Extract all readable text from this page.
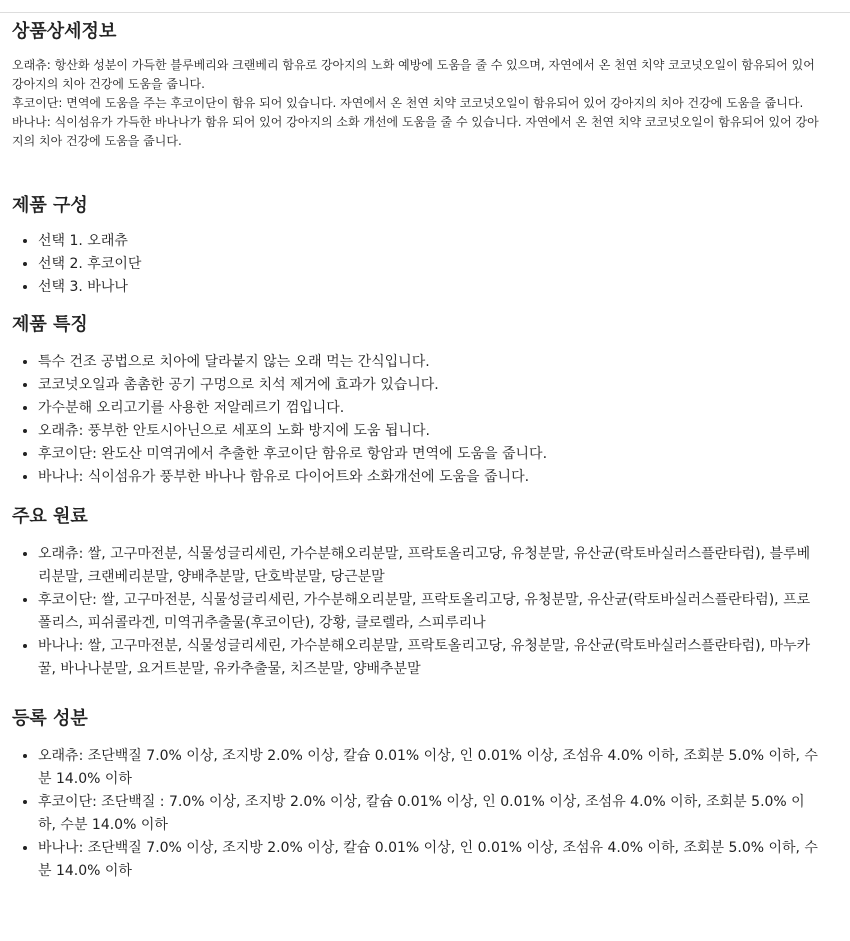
상품상세정보

오래츄: 항산화 성분이 가득한 블루베리와 크랜베리 함유로 강아지의 노화 예방에 도움을 줄 수 있으며, 자연에서 온 천연 치약 코코넛오일이 함유되어 있어 강아지의 치아 건강에 도움을 줍니다.

후코이단: 면역에 도움을 주는 후코이단이 함유 되어 있습니다. 자연에서 온 천연 치약 코코넛오일이 함유되어 있어 강아지의 치아 건강에 도움을 줍니다.

바나나: 식이섬유가 가득한 바나나가 함유 되어 있어 강아지의 소화 개선에 도움을 줄 수 있습니다. 자연에서 온 천연 치약 코코넛오일이 함유되어 있어 강아지의 치아 건강에 도움을 줍니다.

제품 구성
• 선택 1. 오래츄
• 선택 2. 후코이단
• 선택 3. 바나나
제품 특징
• 특수 건조 공법으로 치아에 달라붙지 않는 오래 먹는 간식입니다.
• 코코넛오일과 촘촘한 공기 구멍으로 치석 제거에 효과가 있습니다.
• 가수분해 오리고기를 사용한 저알레르기 껌입니다.
• 오래츄: 풍부한 안토시아닌으로 세포의 노화 방지에 도움 됩니다.
• 후코이단: 완도산 미역귀에서 추출한 후코이단 함유로 항암과 면역에 도움을 줍니다.
• 바나나: 식이섬유가 풍부한 바나나 함유로 다이어트와 소화개선에 도움을 줍니다.
주요 원료
• 오래츄: 쌀, 고구마전분, 식물성글리세린, 가수분해오리분말, 프락토올리고당, 유청분말, 유산균(락토바실러스플란타럼), 블루베리분말, 크랜베리분말, 양배추분말, 단호박분말, 당근분말
• 후코이단: 쌀, 고구마전분, 식물성글리세린, 가수분해오리분말, 프락토올리고당, 유청분말, 유산균(락토바실러스플란타럼), 프로폴리스, 피쉬콜라겐, 미역귀추출물(후코이단), 강황, 클로렐라, 스피루리나
• 바나나: 쌀, 고구마전분, 식물성글리세린, 가수분해오리분말, 프락토올리고당, 유청분말, 유산균(락토바실러스플란타럼), 마누카꿀, 바나나분말, 요거트분말, 유카추출물, 치즈분말, 양배추분말
등록 성분
• 오래츄: 조단백질 7.0% 이상, 조지방 2.0% 이상, 칼슘 0.01% 이상, 인 0.01% 이상, 조섬유 4.0% 이하, 조회분 5.0% 이하, 수분 14.0% 이하
• 후코이단: 조단백질 : 7.0% 이상, 조지방 2.0% 이상, 칼슘 0.01% 이상, 인 0.01% 이상, 조섬유 4.0% 이하, 조회분 5.0% 이하, 수분 14.0% 이하
• 바나나: 조단백질 7.0% 이상, 조지방 2.0% 이상, 칼슘 0.01% 이상, 인 0.01% 이상, 조섬유 4.0% 이하, 조회분 5.0% 이하, 수분 14.0% 이하
